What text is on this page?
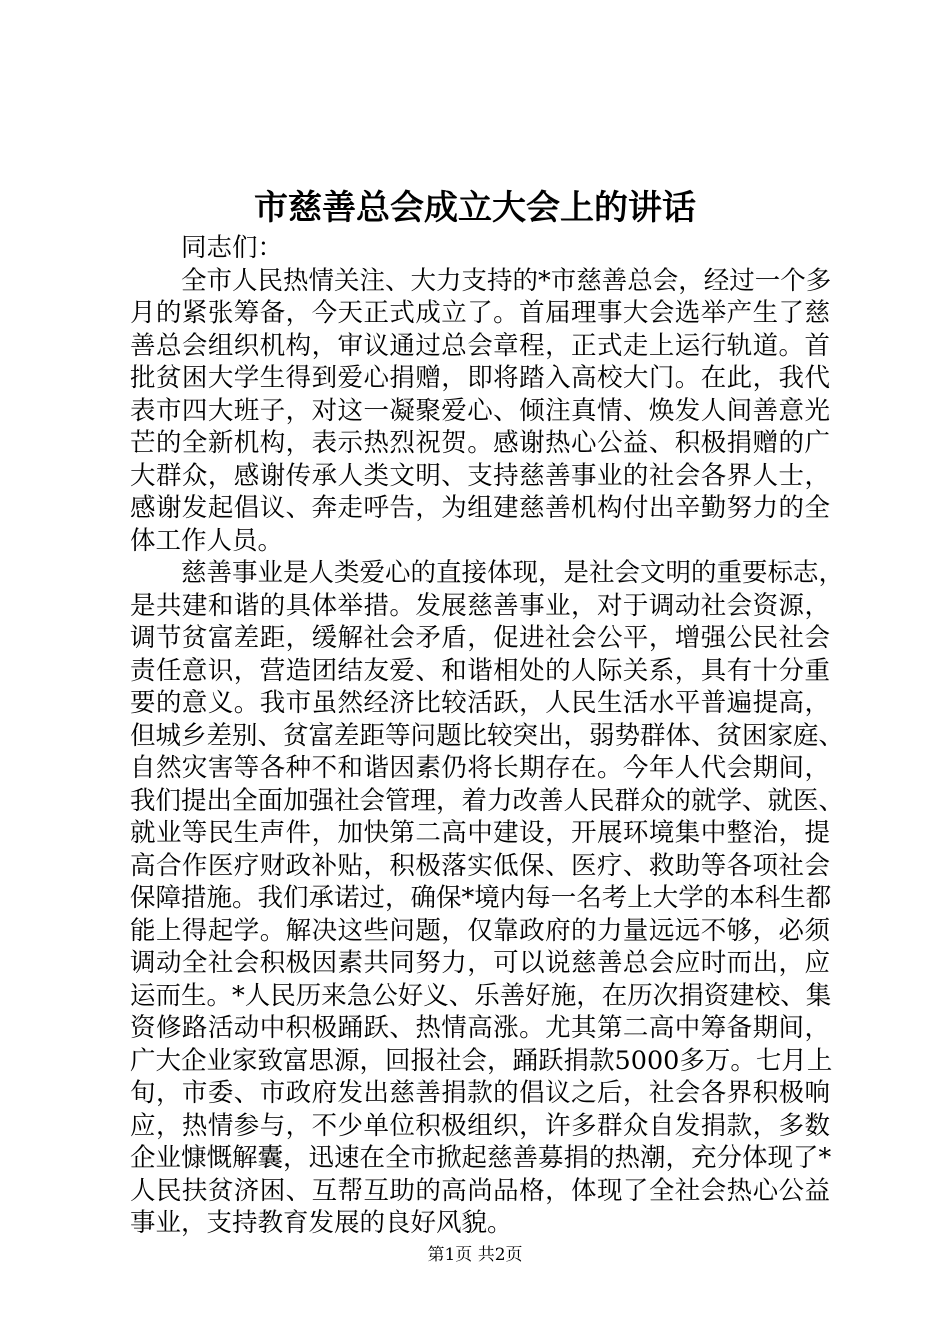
市慈善总会成立大会上的讲话
同志们：
全市人民热情关注、大力支持的*市慈善总会，经过一个多
月的紧张筹备，今天正式成立了。首届理事大会选举产生了慈
善总会组织机构，审议通过总会章程，正式走上运行轨道。首
批贫困大学生得到爱心捐赠，即将踏入高校大门。在此，我代
表市四大班子，对这一凝聚爱心、倾注真情、焕发人间善意光
芒的全新机构，表示热烈祝贺。感谢热心公益、积极捐赠的广
大群众，感谢传承人类文明、支持慈善事业的社会各界人士，
感谢发起倡议、奔走呼告，为组建慈善机构付出辛勤努力的全
体工作人员。
慈善事业是人类爱心的直接体现，是社会文明的重要标志，
是共建和谐的具体举措。发展慈善事业，对于调动社会资源，
调节贫富差距，缓解社会矛盾，促进社会公平，增强公民社会
责任意识，营造团结友爱、和谐相处的人际关系，具有十分重
要的意义。我市虽然经济比较活跃，人民生活水平普遍提高，
但城乡差别、贫富差距等问题比较突出，弱势群体、贫困家庭、
自然灾害等各种不和谐因素仍将长期存在。今年人代会期间，
我们提出全面加强社会管理，着力改善人民群众的就学、就医、
就业等民生声件，加快第二高中建设，开展环境集中整治，提
高合作医疗财政补贴，积极落实低保、医疗、救助等各项社会
保障措施。我们承诺过，确保*境内每一名考上大学的本科生都
能上得起学。解决这些问题，仅靠政府的力量远远不够，必须
调动全社会积极因素共同努力，可以说慈善总会应时而出，应
运而生。*人民历来急公好义、乐善好施，在历次捐资建校、集
资修路活动中积极踊跃、热情高涨。尤其第二高中筹备期间，
广大企业家致富思源，回报社会，踊跃捐款5000多万。七月上
旬，市委、市政府发出慈善捐款的倡议之后，社会各界积极响
应，热情参与，不少单位积极组织，许多群众自发捐款，多数
企业慷慨解囊，迅速在全市掀起慈善募捐的热潮，充分体现了*
人民扶贫济困、互帮互助的高尚品格，体现了全社会热心公益
事业，支持教育发展的良好风貌。
第1页 共2页
